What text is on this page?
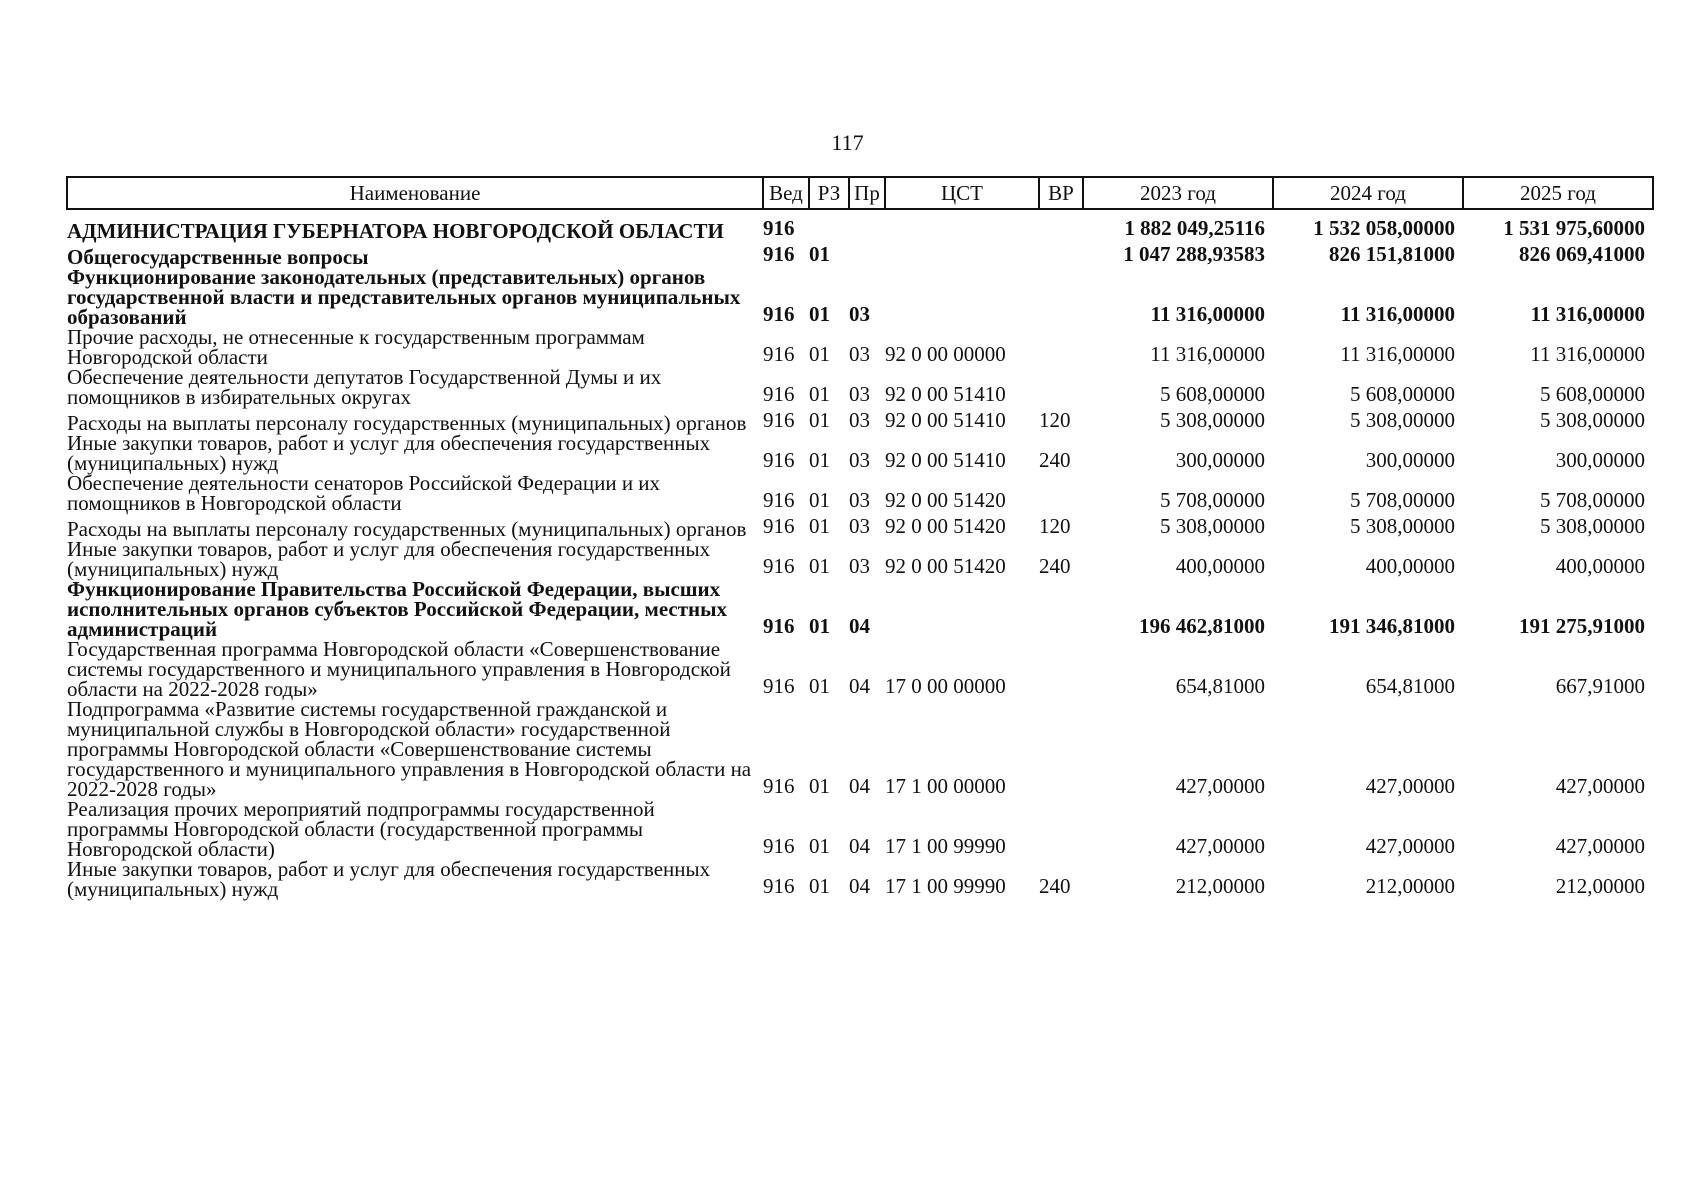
117
Наименование	Вед	РЗ	Пр	ЦСТ	ВР	2023 год	2024 год	2025 год
АДМИНИСТРАЦИЯ ГУБЕРНАТОРА НОВГОРОДСКОЙ ОБЛАСТИ	916					1 882 049,25116	1 532 058,00000	1 531 975,60000
Общегосударственные вопросы	916	01				1 047 288,93583	826 151,81000	826 069,41000
Функционирование законодательных (представительных) органов государственной власти и представительных органов муниципальных образований	916	01	03			11 316,00000	11 316,00000	11 316,00000
Прочие расходы, не отнесенные к государственным программам Новгородской области	916	01	03	92 0 00 00000		11 316,00000	11 316,00000	11 316,00000
Обеспечение деятельности депутатов Государственной Думы и их помощников в избирательных округах	916	01	03	92 0 00 51410		5 608,00000	5 608,00000	5 608,00000
Расходы на выплаты персоналу государственных (муниципальных) органов	916	01	03	92 0 00 51410	120	5 308,00000	5 308,00000	5 308,00000
Иные закупки товаров, работ и услуг для обеспечения государственных (муниципальных) нужд	916	01	03	92 0 00 51410	240	300,00000	300,00000	300,00000
Обеспечение деятельности сенаторов Российской Федерации и их помощников в Новгородской области	916	01	03	92 0 00 51420		5 708,00000	5 708,00000	5 708,00000
Расходы на выплаты персоналу государственных (муниципальных) органов	916	01	03	92 0 00 51420	120	5 308,00000	5 308,00000	5 308,00000
Иные закупки товаров, работ и услуг для обеспечения государственных (муниципальных) нужд	916	01	03	92 0 00 51420	240	400,00000	400,00000	400,00000
Функционирование Правительства Российской Федерации, высших исполнительных органов субъектов Российской Федерации, местных администраций	916	01	04			196 462,81000	191 346,81000	191 275,91000
Государственная программа Новгородской области «Совершенствование системы государственного и муниципального управления в Новгородской области на 2022-2028 годы»	916	01	04	17 0 00 00000		654,81000	654,81000	667,91000
Подпрограмма «Развитие системы государственной гражданской и муниципальной службы в Новгородской области» государственной программы Новгородской области «Совершенствование системы государственного и муниципального управления в Новгородской области на 2022-2028 годы»	916	01	04	17 1 00 00000		427,00000	427,00000	427,00000
Реализация прочих мероприятий подпрограммы государственной программы Новгородской области (государственной программы Новгородской области)	916	01	04	17 1 00 99990		427,00000	427,00000	427,00000
Иные закупки товаров, работ и услуг для обеспечения государственных (муниципальных) нужд	916	01	04	17 1 00 99990	240	212,00000	212,00000	212,00000
